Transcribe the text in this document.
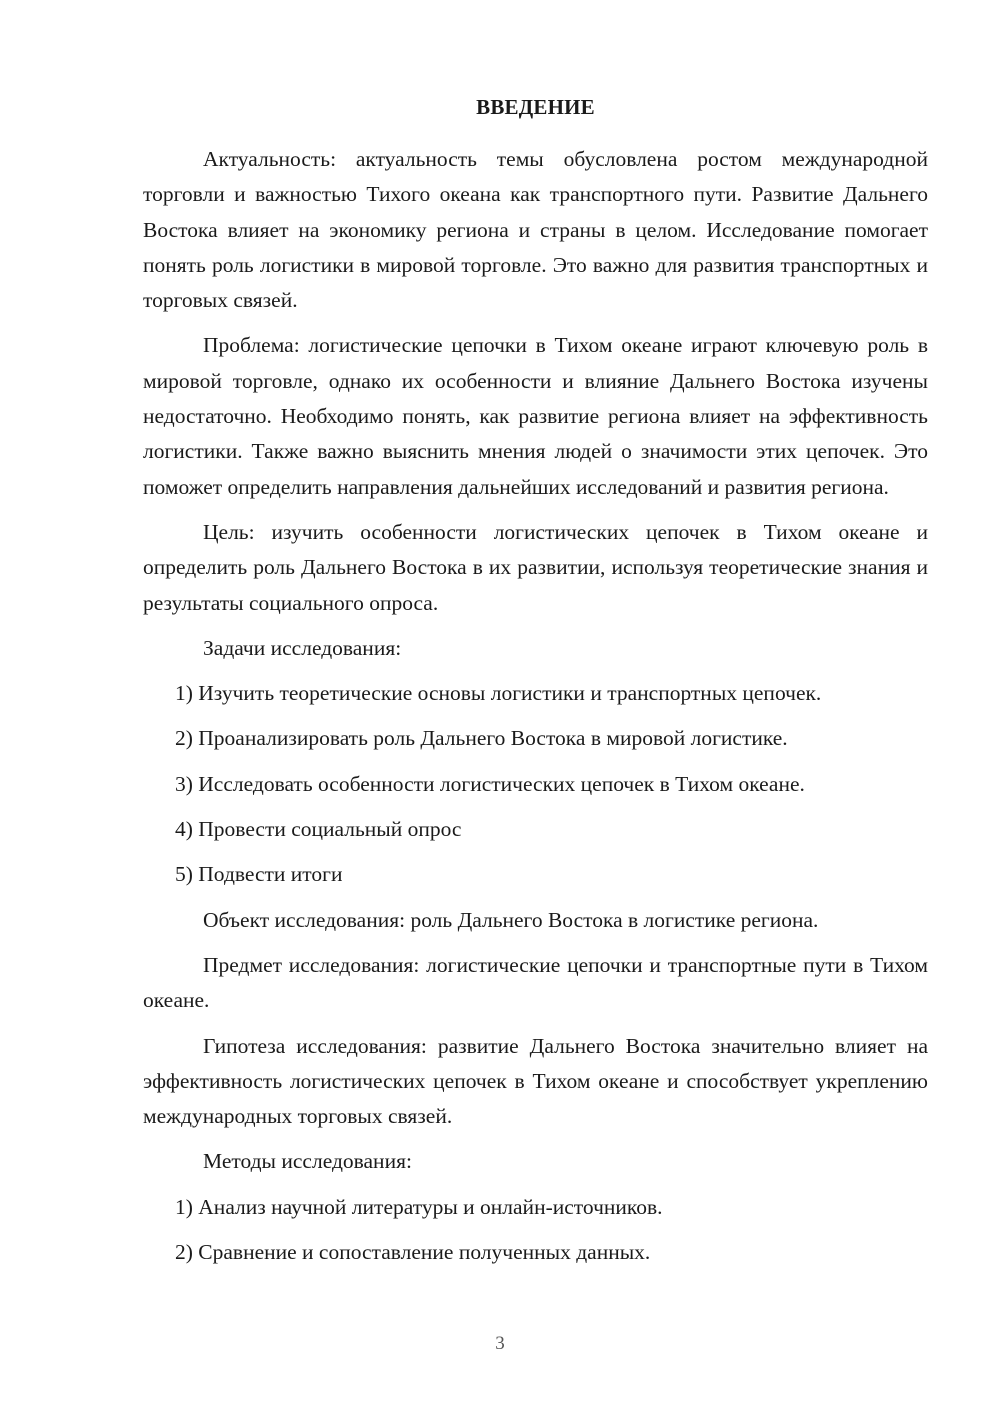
ВВЕДЕНИЕ

Актуальность: актуальность темы обусловлена ростом международной торговли и важностью Тихого океана как транспортного пути. Развитие Дальнего Востока влияет на экономику региона и страны в целом. Исследование помогает понять роль логистики в мировой торговле. Это важно для развития транспортных и торговых связей.

Проблема: логистические цепочки в Тихом океане играют ключевую роль в мировой торговле, однако их особенности и влияние Дальнего Востока изучены недостаточно. Необходимо понять, как развитие региона влияет на эффективность логистики. Также важно выяснить мнения людей о значимости этих цепочек. Это поможет определить направления дальнейших исследований и развития региона.

Цель: изучить особенности логистических цепочек в Тихом океане и определить роль Дальнего Востока в их развитии, используя теоретические знания и результаты социального опроса.

Задачи исследования:

1) Изучить теоретические основы логистики и транспортных цепочек.
2) Проанализировать роль Дальнего Востока в мировой логистике.
3) Исследовать особенности логистических цепочек в Тихом океане.
4) Провести социальный опрос
5) Подвести итоги

Объект исследования: роль Дальнего Востока в логистике региона.

Предмет исследования: логистические цепочки и транспортные пути в Тихом океане.

Гипотеза исследования: развитие Дальнего Востока значительно влияет на эффективность логистических цепочек в Тихом океане и способствует укреплению международных торговых связей.

Методы исследования:

1) Анализ научной литературы и онлайн-источников.
2) Сравнение и сопоставление полученных данных.
3
